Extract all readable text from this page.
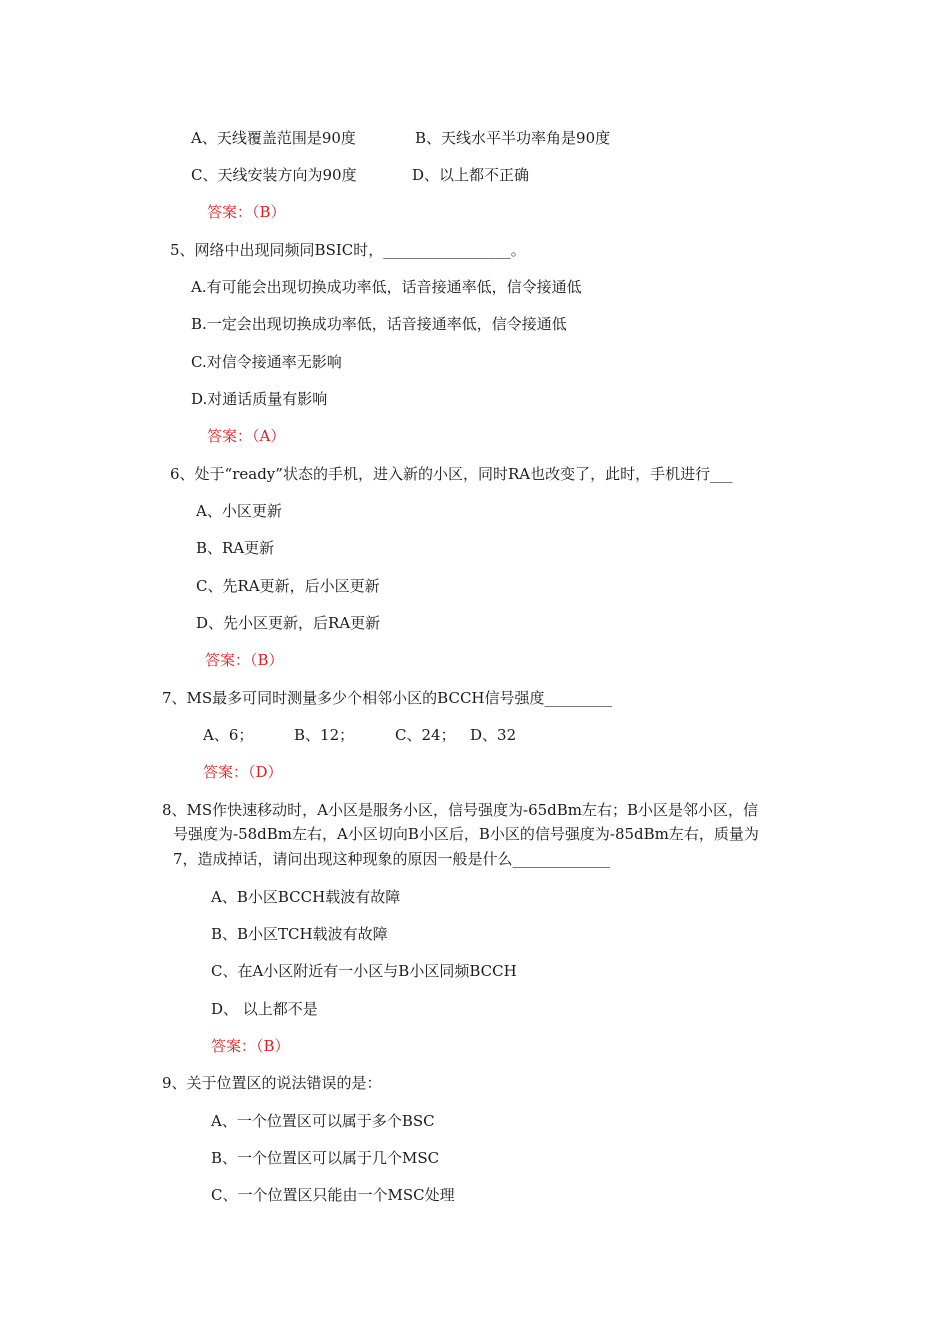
A、天线覆盖范围是90度	B、天线水平半功率角是90度
C、天线安装方向为90度	D、以上都不正确
答案：（B）
5、网络中出现同频同BSIC时，_________________。
A.有可能会出现切换成功率低，话音接通率低，信令接通低
B.一定会出现切换成功率低，话音接通率低，信令接通低
C.对信令接通率无影响
D.对通话质量有影响
答案：（A）
6、处于“ready”状态的手机，进入新的小区，同时RA也改变了，此时，手机进行___
A、小区更新
B、RA更新
C、先RA更新，后小区更新
D、先小区更新，后RA更新
答案：（B）
7、MS最多可同时测量多少个相邻小区的BCCH信号强度_________
A、6；	B、12；	C、24； D、32
答案：（D）
8、MS作快速移动时，A小区是服务小区，信号强度为-65dBm左右；B小区是邻小区，信
号强度为-58dBm左右，A小区切向B小区后，B小区的信号强度为-85dBm左右，质量为
7，造成掉话，请问出现这种现象的原因一般是什么_____________
A、B小区BCCH载波有故障
B、B小区TCH载波有故障
C、在A小区附近有一小区与B小区同频BCCH
D、 以上都不是
答案：（B）
9、关于位置区的说法错误的是：
A、一个位置区可以属于多个BSC
B、一个位置区可以属于几个MSC
C、一个位置区只能由一个MSC处理
